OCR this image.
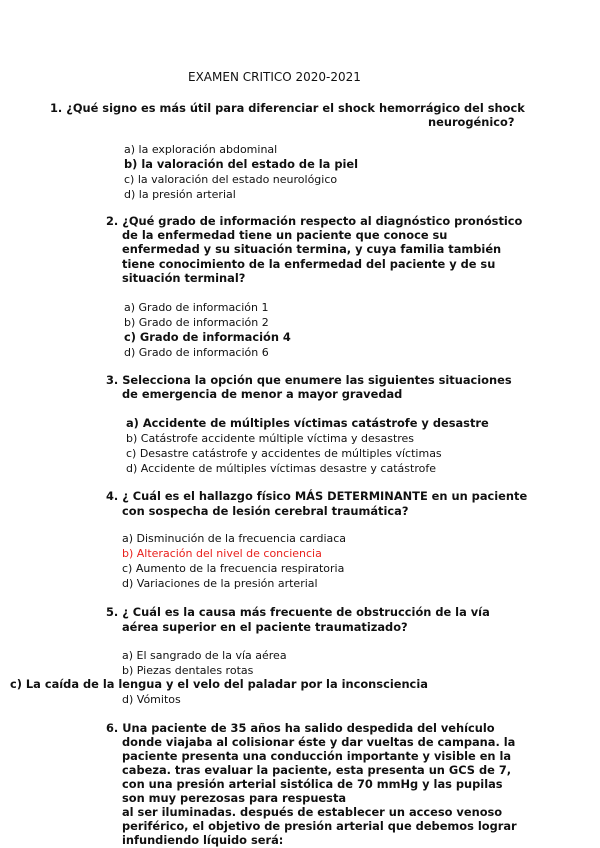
EXAMEN CRITICO 2020-2021
1. ¿Qué signo es más útil para diferenciar el shock hemorrágico del shock
neurogénico?
a) la exploración abdominal
b) la valoración del estado de la piel
c) la valoración del estado neurológico
d) la presión arterial
2. ¿Qué grado de información respecto al diagnóstico pronóstico
de la enfermedad tiene un paciente que conoce su
enfermedad y su situación termina, y cuya familia también
tiene conocimiento de la enfermedad del paciente y de su
situación terminal?
a) Grado de información 1
b) Grado de información 2
c) Grado de información 4
d) Grado de información 6
3. Selecciona la opción que enumere las siguientes situaciones
de emergencia de menor a mayor gravedad
a) Accidente de múltiples víctimas catástrofe y desastre
b) Catástrofe accidente múltiple víctima y desastres
c) Desastre catástrofe y accidentes de múltiples víctimas
d) Accidente de múltiples víctimas desastre y catástrofe
4. ¿ Cuál es el hallazgo físico MÁS DETERMINANTE en un paciente
con sospecha de lesión cerebral traumática?
a) Disminución de la frecuencia cardiaca
b) Alteración del nivel de conciencia
c) Aumento de la frecuencia respiratoria
d) Variaciones de la presión arterial
5. ¿ Cuál es la causa más frecuente de obstrucción de la vía
aérea superior en el paciente traumatizado?
a) El sangrado de la vía aérea
b) Piezas dentales rotas
c) La caída de la lengua y el velo del paladar por la inconsciencia
d) Vómitos
6. Una paciente de 35 años ha salido despedida del vehículo
donde viajaba al colisionar éste y dar vueltas de campana. la
paciente presenta una conducción importante y visible en la
cabeza. tras evaluar la paciente, esta presenta un GCS de 7,
con una presión arterial sistólica de 70 mmHg y las pupilas
son muy perezosas para respuesta
al ser iluminadas. después de establecer un acceso venoso
periférico, el objetivo de presión arterial que debemos lograr
infundiendo líquido será:
